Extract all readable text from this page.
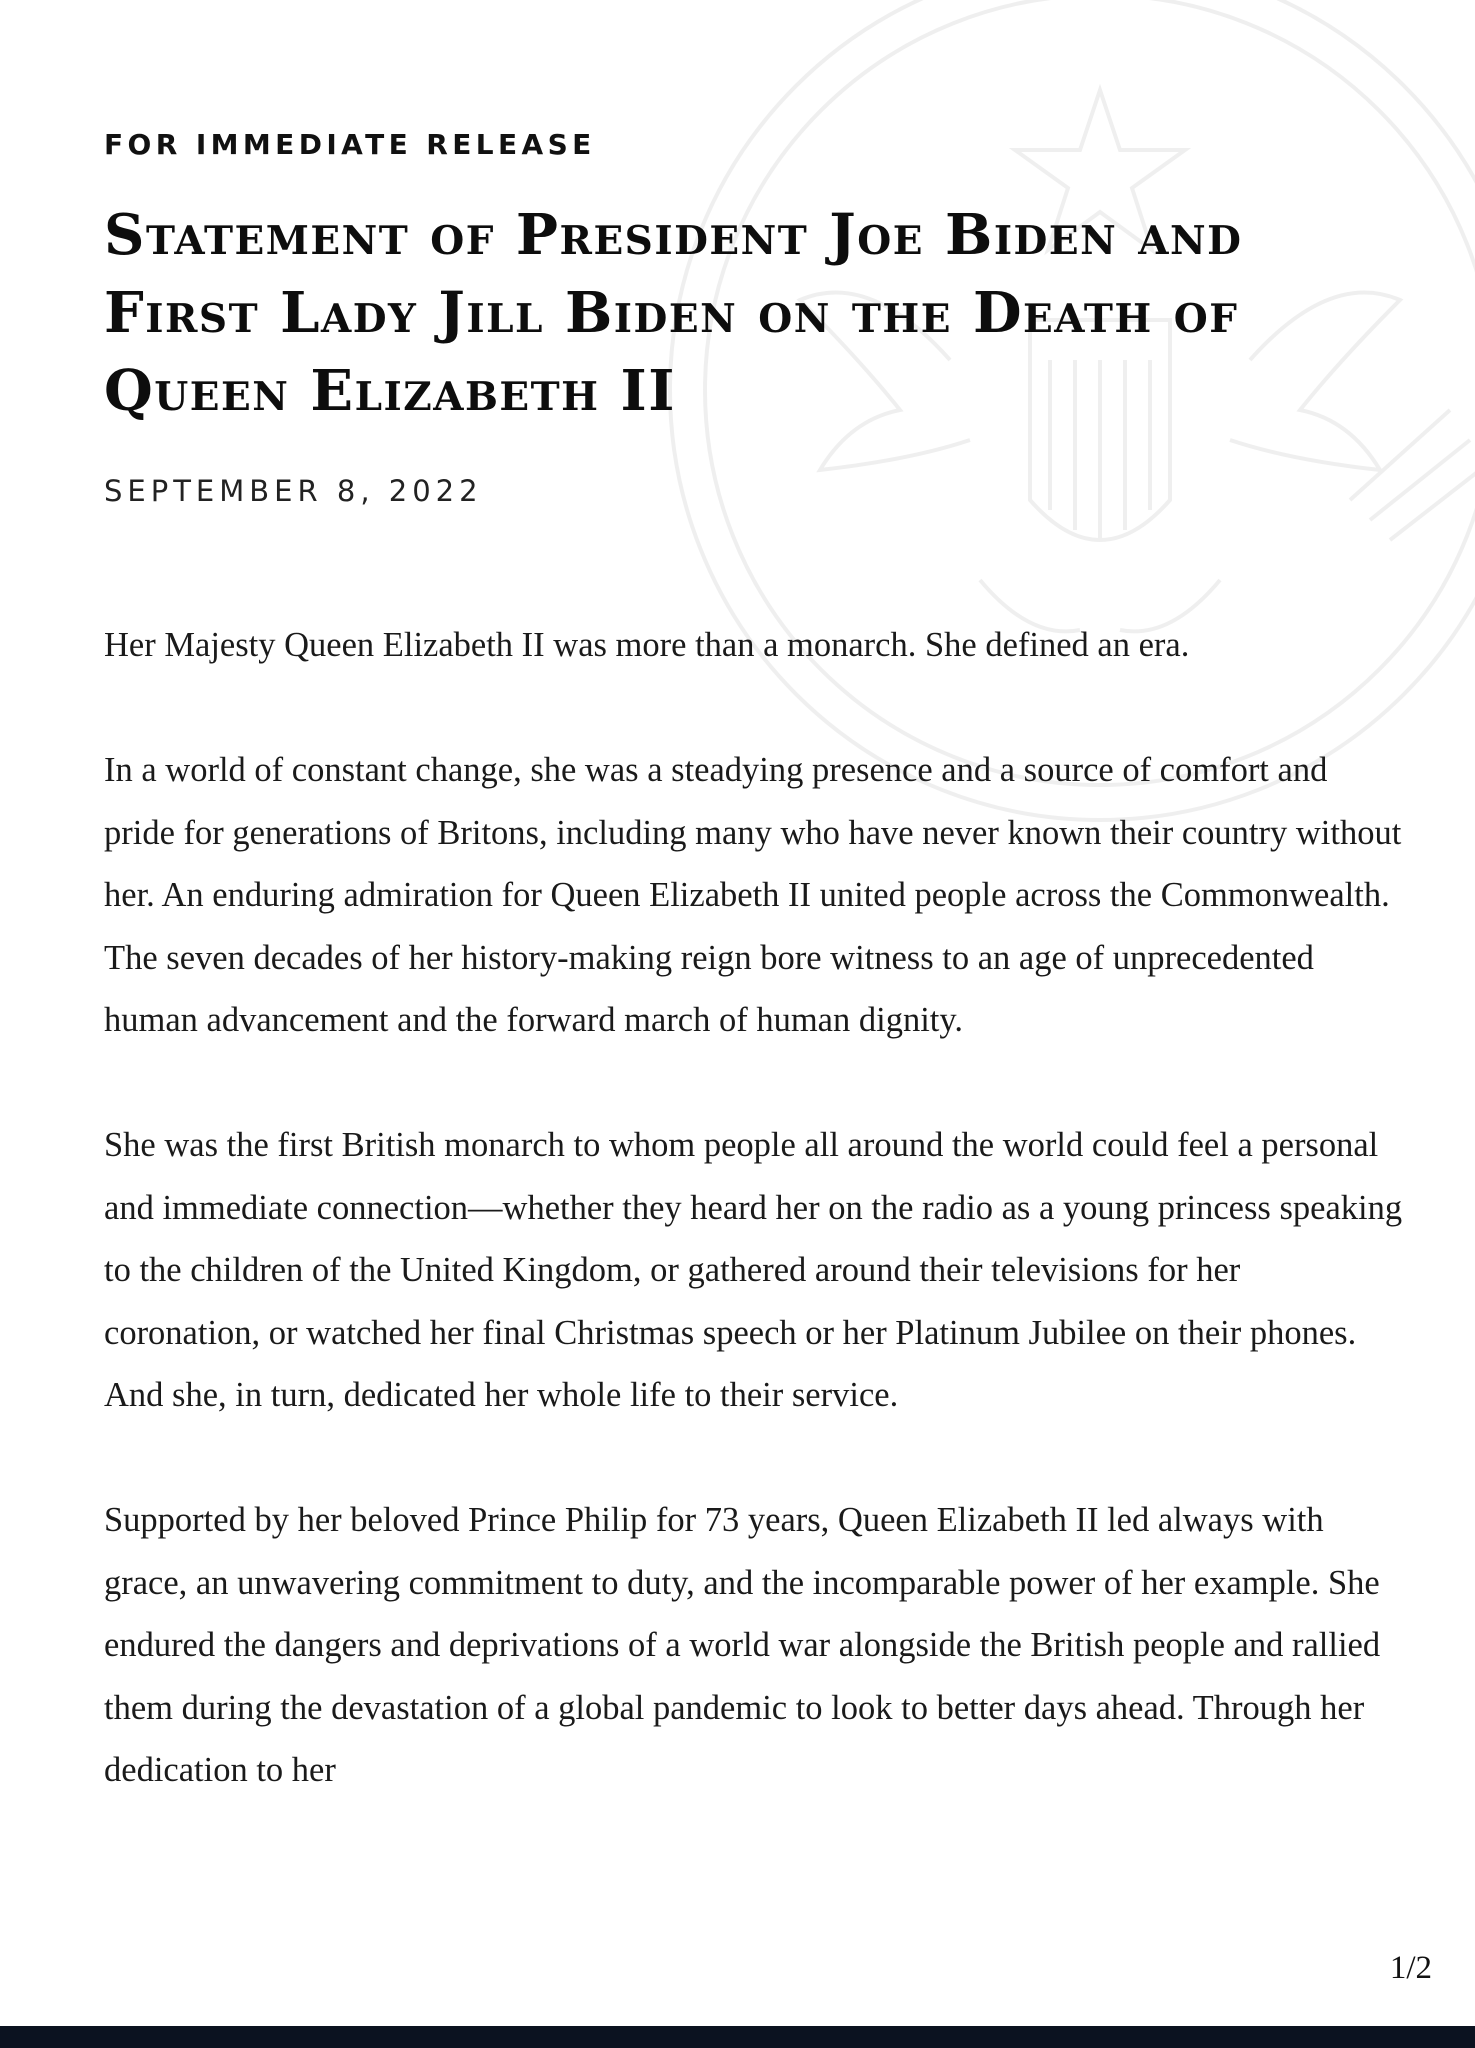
FOR IMMEDIATE RELEASE
Statement of President Joe Biden and First Lady Jill Biden on the Death of Queen Elizabeth II
SEPTEMBER 8, 2022

Her Majesty Queen Elizabeth II was more than a monarch. She defined an era.

In a world of constant change, she was a steadying presence and a source of comfort and pride for generations of Britons, including many who have never known their country without her. An enduring admiration for Queen Elizabeth II united people across the Commonwealth. The seven decades of her history-making reign bore witness to an age of unprecedented human advancement and the forward march of human dignity.

She was the first British monarch to whom people all around the world could feel a personal and immediate connection—whether they heard her on the radio as a young princess speaking to the children of the United Kingdom, or gathered around their televisions for her coronation, or watched her final Christmas speech or her Platinum Jubilee on their phones. And she, in turn, dedicated her whole life to their service.

Supported by her beloved Prince Philip for 73 years, Queen Elizabeth II led always with grace, an unwavering commitment to duty, and the incomparable power of her example. She endured the dangers and deprivations of a world war alongside the British people and rallied them during the devastation of a global pandemic to look to better days ahead. Through her dedication to her

1/2
